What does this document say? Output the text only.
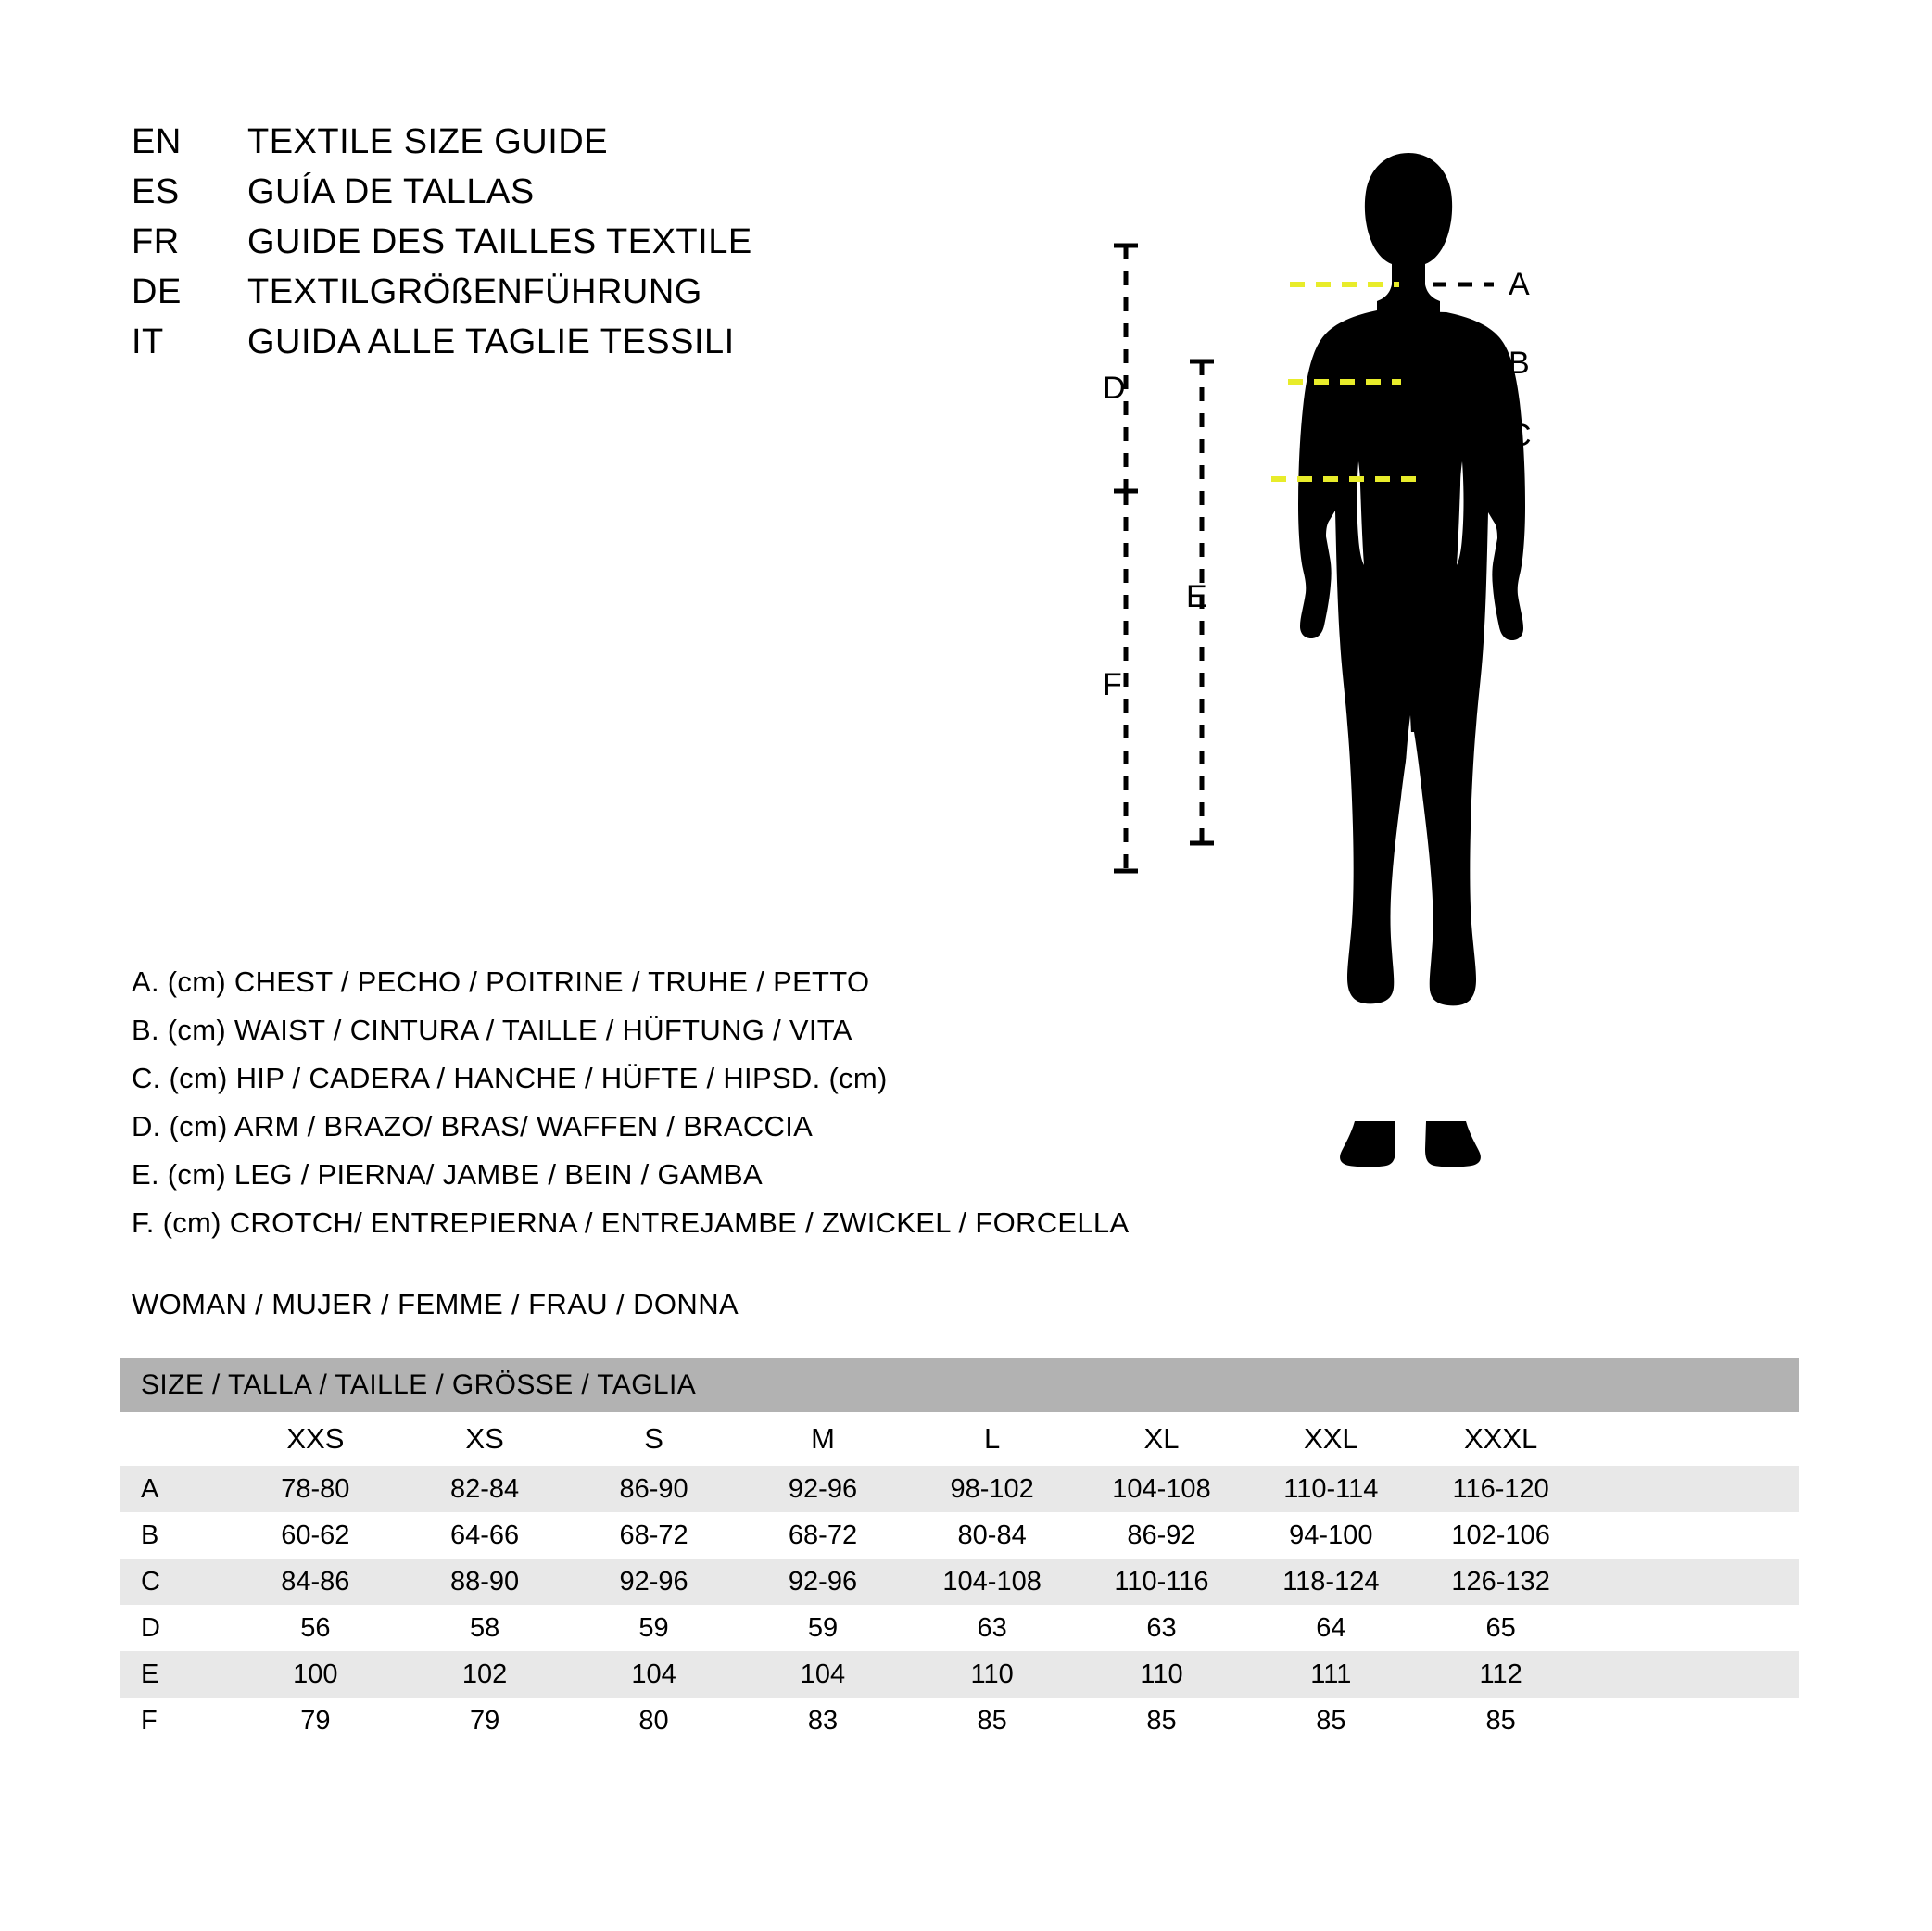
EN	TEXTILE SIZE GUIDE
ES	GUÍA DE TALLAS
FR	GUIDE DES TAILLES TEXTILE
DE	TEXTILGRÖßENFÜHRUNG
IT	GUIDA ALLE TAGLIE TESSILI
D
F
E
A
B
C
A. (cm) CHEST / PECHO / POITRINE / TRUHE / PETTO
B. (cm) WAIST / CINTURA / TAILLE / HÜFTUNG / VITA
C. (cm) HIP / CADERA / HANCHE / HÜFTE / HIPSD. (cm)
D. (cm) ARM / BRAZO/ BRAS/ WAFFEN / BRACCIA
E. (cm) LEG / PIERNA/ JAMBE / BEIN / GAMBA
F. (cm) CROTCH/ ENTREPIERNA / ENTREJAMBE / ZWICKEL / FORCELLA
WOMAN / MUJER / FEMME / FRAU / DONNA
SIZE / TALLA / TAILLE / GRÖSSE / TAGLIA									
	XXS	XS	S	M	L	XL	XXL	XXXL	
A	78-80	82-84	86-90	92-96	98-102	104-108	110-114	116-120	
B	60-62	64-66	68-72	68-72	80-84	86-92	94-100	102-106	
C	84-86	88-90	92-96	92-96	104-108	110-116	118-124	126-132	
D	56	58	59	59	63	63	64	65	
E	100	102	104	104	110	110	111	112	
F	79	79	80	83	85	85	85	85	
